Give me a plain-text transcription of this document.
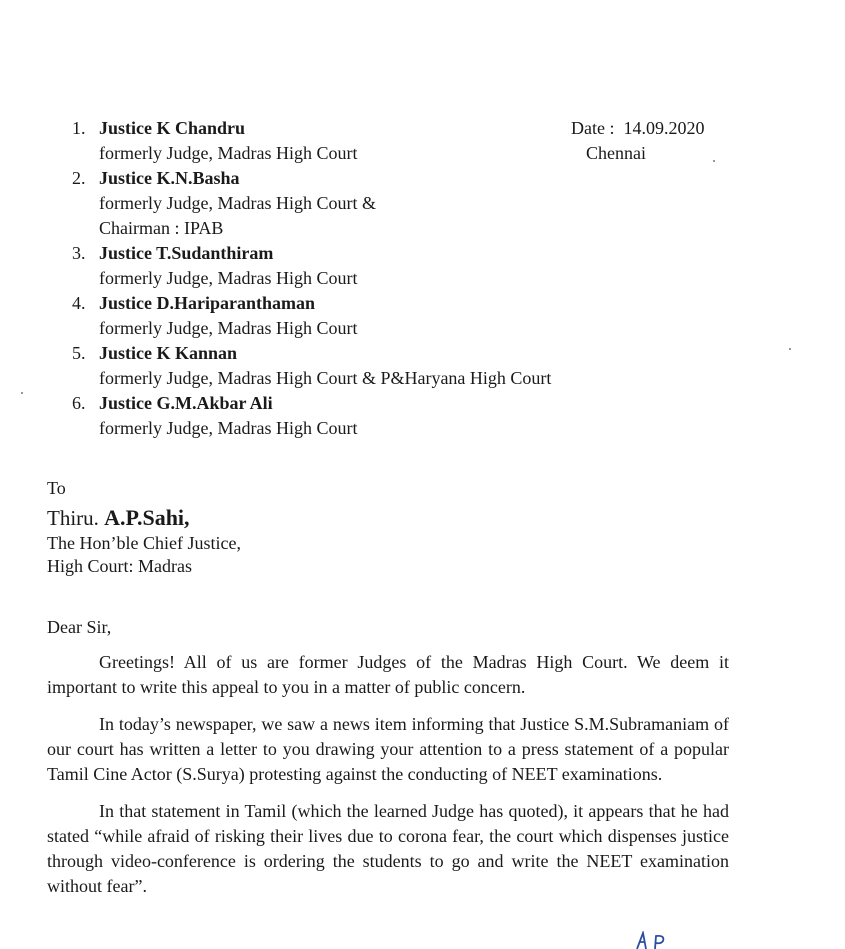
1. Justice K Chandru
formerly Judge, Madras High Court
2. Justice K.N.Basha
formerly Judge, Madras High Court &
Chairman : IPAB
3. Justice T.Sudanthiram
formerly Judge, Madras High Court
4. Justice D.Hariparanthaman
formerly Judge, Madras High Court
5. Justice K Kannan
formerly Judge, Madras High Court & P&Haryana High Court
6. Justice G.M.Akbar Ali
formerly Judge, Madras High Court
Date : 14.09.2020
Chennai
To
Thiru. A.P.Sahi,
The Hon’ble Chief Justice,
High Court: Madras
Dear Sir,

Greetings! All of us are former Judges of the Madras High Court. We deem it important to write this appeal to you in a matter of public concern.

In today’s newspaper, we saw a news item informing that Justice S.M.Subramaniam of our court has written a letter to you drawing your attention to a press statement of a popular Tamil Cine Actor (S.Surya) protesting against the conducting of NEET examinations.

In that statement in Tamil (which the learned Judge has quoted), it appears that he had stated “while afraid of risking their lives due to corona fear, the court which dispenses justice through video-conference is ordering the students to go and write the NEET examination without fear”.
